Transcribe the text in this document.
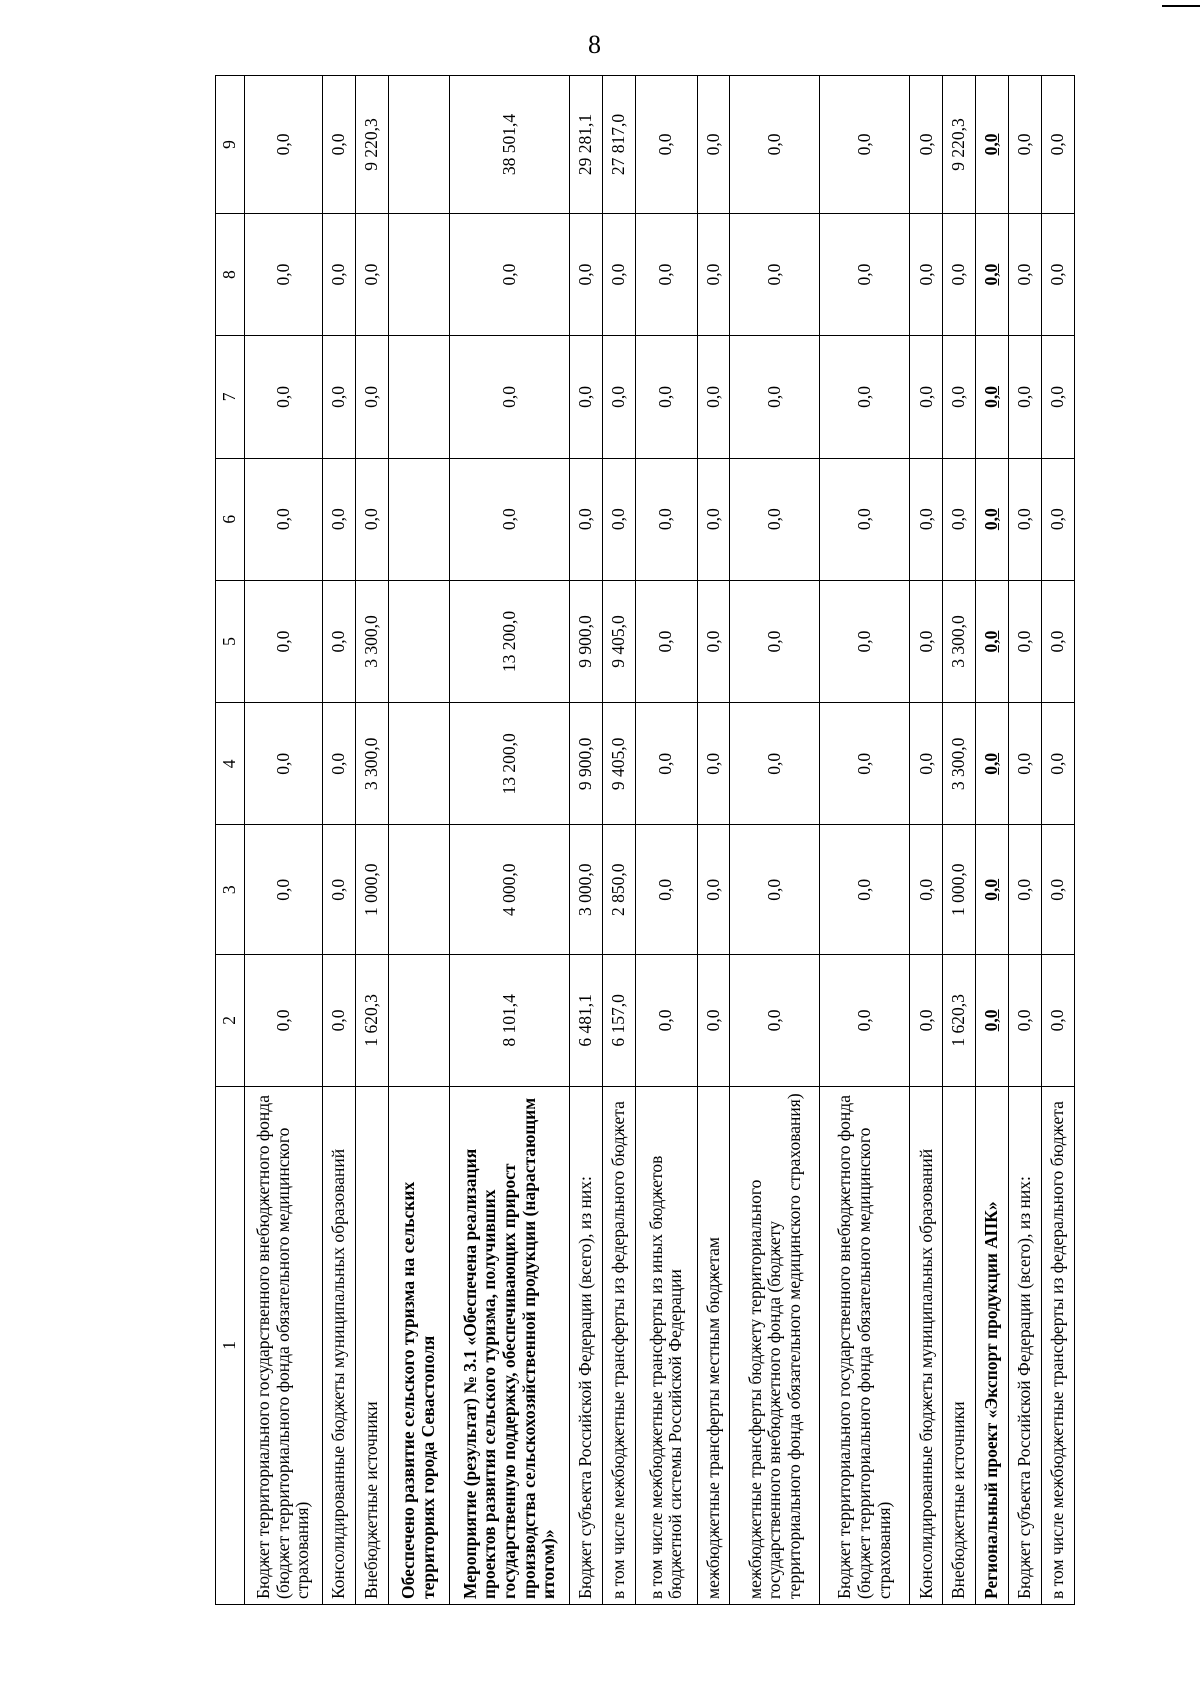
8
1	2	3	4	5	6	7	8	9
Бюджет территориального государственного внебюджетного фонда (бюджет территориального фонда обязательного медицинского страхования)	0,0	0,0	0,0	0,0	0,0	0,0	0,0	0,0
Консолидированные бюджеты муниципальных образований	0,0	0,0	0,0	0,0	0,0	0,0	0,0	0,0
Внебюджетные источники	1 620,3	1 000,0	3 300,0	3 300,0	0,0	0,0	0,0	9 220,3
Обеспечено развитие сельского туризма на сельских территориях города Севастополя								
Мероприятие (результат) № 3.1 «Обеспечена реализация проектов развития сельского туризма, получивших государственную поддержку, обеспечивающих прирост производства сельскохозяйственной продукции (нарастающим итогом)»	8 101,4	4 000,0	13 200,0	13 200,0	0,0	0,0	0,0	38 501,4
Бюджет субъекта Российской Федерации (всего), из них:	6 481,1	3 000,0	9 900,0	9 900,0	0,0	0,0	0,0	29 281,1
в том числе межбюджетные трансферты из федерального бюджета	6 157,0	2 850,0	9 405,0	9 405,0	0,0	0,0	0,0	27 817,0
в том числе межбюджетные трансферты из иных бюджетов бюджетной системы Российской Федерации	0,0	0,0	0,0	0,0	0,0	0,0	0,0	0,0
межбюджетные трансферты местным бюджетам	0,0	0,0	0,0	0,0	0,0	0,0	0,0	0,0
межбюджетные трансферты бюджету территориального государственного внебюджетного фонда (бюджету территориального фонда обязательного медицинского страхования)	0,0	0,0	0,0	0,0	0,0	0,0	0,0	0,0
Бюджет территориального государственного внебюджетного фонда (бюджет территориального фонда обязательного медицинского страхования)	0,0	0,0	0,0	0,0	0,0	0,0	0,0	0,0
Консолидированные бюджеты муниципальных образований	0,0	0,0	0,0	0,0	0,0	0,0	0,0	0,0
Внебюджетные источники	1 620,3	1 000,0	3 300,0	3 300,0	0,0	0,0	0,0	9 220,3
Региональный проект «Экспорт продукции АПК»	0,0	0,0	0,0	0,0	0,0	0,0	0,0	0,0
Бюджет субъекта Российской Федерации (всего), из них:	0,0	0,0	0,0	0,0	0,0	0,0	0,0	0,0
в том числе межбюджетные трансферты из федерального бюджета	0,0	0,0	0,0	0,0	0,0	0,0	0,0	0,0
